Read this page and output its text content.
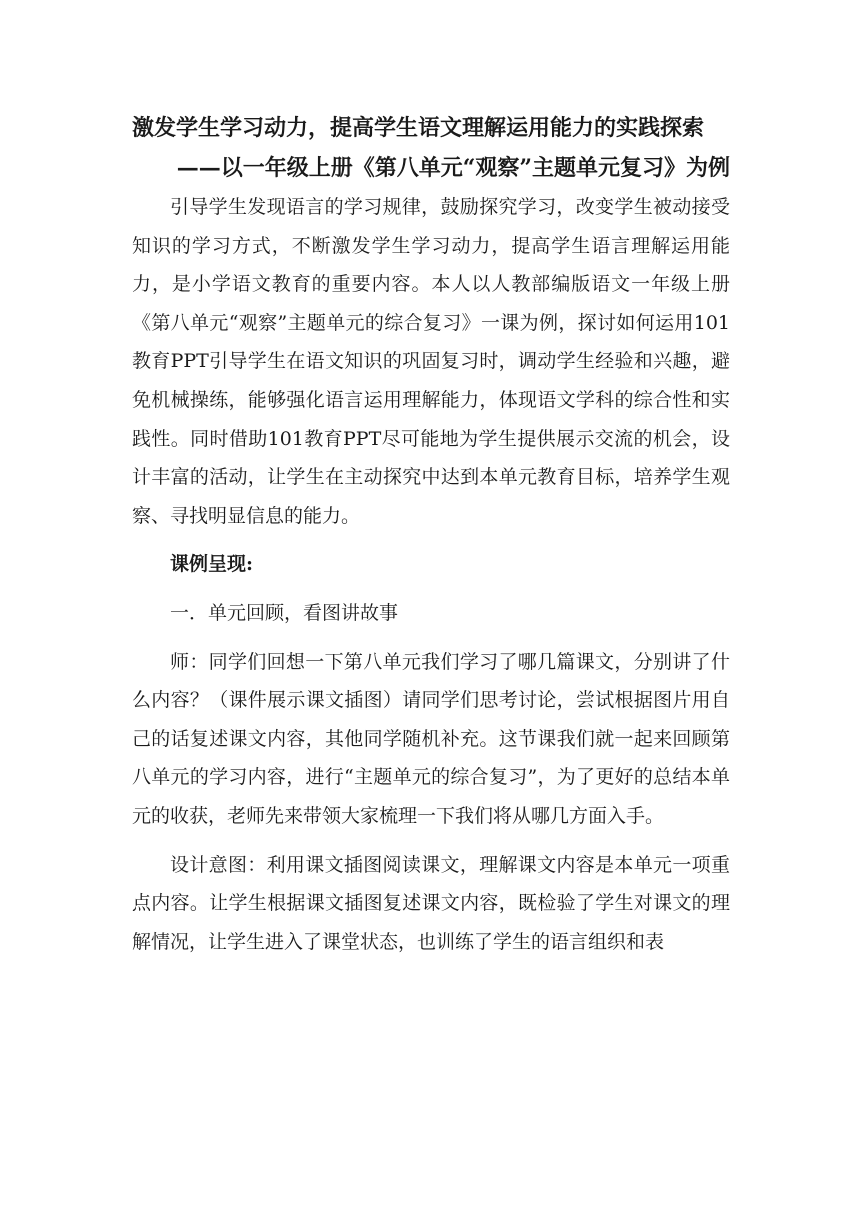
激发学生学习动力，提高学生语文理解运用能力的实践探索
——以一年级上册《第八单元“观察”主题单元复习》为例

引导学生发现语言的学习规律，鼓励探究学习，改变学生被动接受知识的学习方式，不断激发学生学习动力，提高学生语言理解运用能力，是小学语文教育的重要内容。本人以人教部编版语文一年级上册《第八单元“观察”主题单元的综合复习》一课为例，探讨如何运用101教育PPT引导学生在语文知识的巩固复习时，调动学生经验和兴趣，避免机械操练，能够强化语言运用理解能力，体现语文学科的综合性和实践性。同时借助101教育PPT尽可能地为学生提供展示交流的机会，设计丰富的活动，让学生在主动探究中达到本单元教育目标，培养学生观察、寻找明显信息的能力。

课例呈现:

一．单元回顾，看图讲故事

师：同学们回想一下第八单元我们学习了哪几篇课文，分别讲了什么内容？（课件展示课文插图）请同学们思考讨论，尝试根据图片用自己的话复述课文内容，其他同学随机补充。这节课我们就一起来回顾第八单元的学习内容，进行“主题单元的综合复习”，为了更好的总结本单元的收获，老师先来带领大家梳理一下我们将从哪几方面入手。

设计意图：利用课文插图阅读课文，理解课文内容是本单元一项重点内容。让学生根据课文插图复述课文内容，既检验了学生对课文的理解情况，让学生进入了课堂状态，也训练了学生的语言组织和表
